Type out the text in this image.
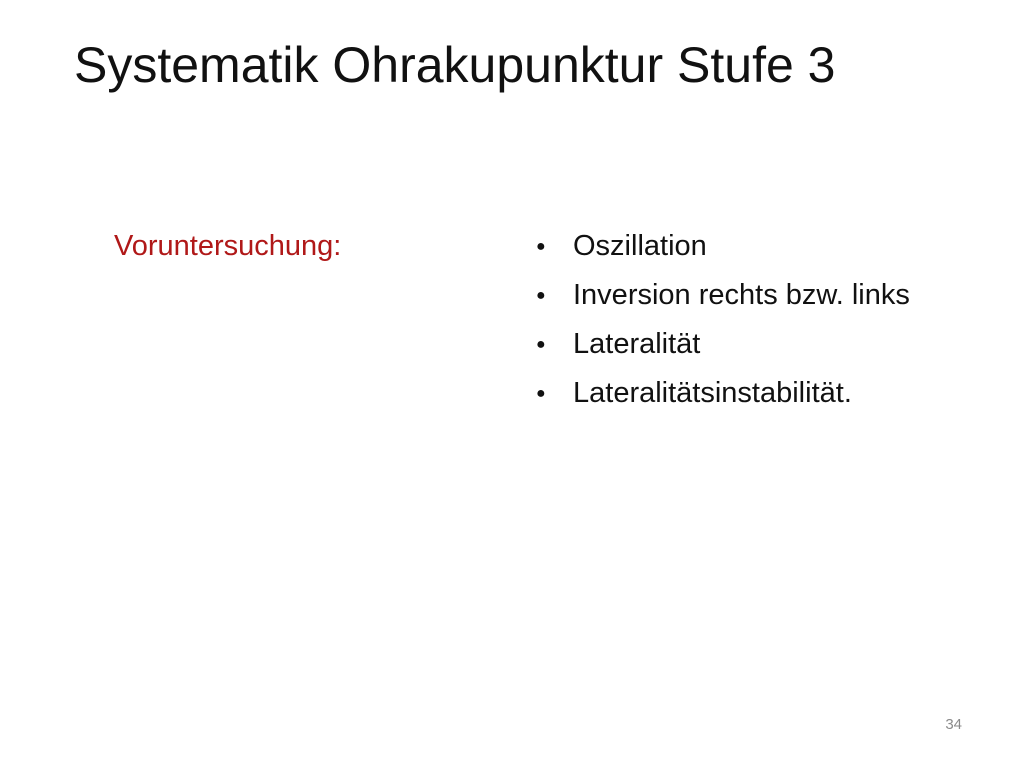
Systematik Ohrakupunktur Stufe 3
Voruntersuchung:	● Oszillation
● Inversion rechts bzw. links
● Lateralität
● Lateralitätsinstabilität.
34
